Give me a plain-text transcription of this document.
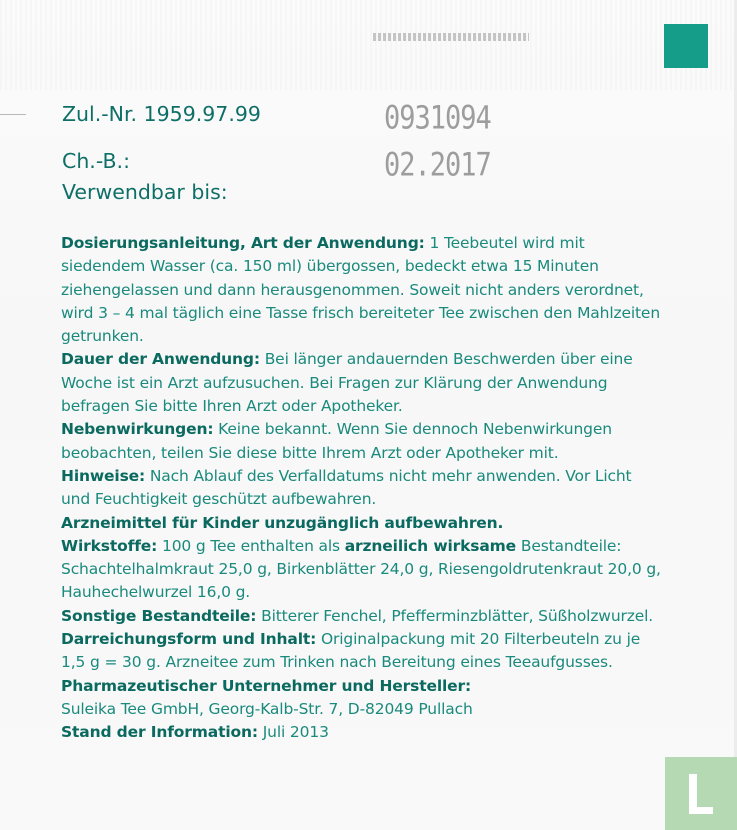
Zul.-Nr. 1959.97.99
Ch.-B.:
Verwendbar bis:
0931094
02.2017

Dosierungsanleitung, Art der Anwendung: 1 Teebeutel wird mit siedendem Wasser (ca. 150 ml) übergossen, bedeckt etwa 15 Minuten ziehengelassen und dann herausgenommen. Soweit nicht anders verordnet, wird 3 – 4 mal täglich eine Tasse frisch bereiteter Tee zwischen den Mahlzeiten getrunken.

Dauer der Anwendung: Bei länger andauernden Beschwerden über eine Woche ist ein Arzt aufzusuchen. Bei Fragen zur Klärung der Anwendung befragen Sie bitte Ihren Arzt oder Apotheker.

Nebenwirkungen: Keine bekannt. Wenn Sie dennoch Nebenwirkungen beobachten, teilen Sie diese bitte Ihrem Arzt oder Apotheker mit.

Hinweise: Nach Ablauf des Verfalldatums nicht mehr anwenden. Vor Licht und Feuchtigkeit geschützt aufbewahren.
Arzneimittel für Kinder unzugänglich aufbewahren.

Wirkstoffe: 100 g Tee enthalten als arzneilich wirksame Bestandteile: Schachtelhalmkraut 25,0 g, Birkenblätter 24,0 g, Riesengoldrutenkraut 20,0 g, Hauhechelwurzel 16,0 g.

Sonstige Bestandteile: Bitterer Fenchel, Pfefferminzblätter, Süßholzwurzel.

Darreichungsform und Inhalt: Originalpackung mit 20 Filterbeuteln zu je 1,5 g = 30 g. Arzneitee zum Trinken nach Bereitung eines Teeaufgusses.

Pharmazeutischer Unternehmer und Hersteller:
Suleika Tee GmbH, Georg-Kalb-Str. 7, D-82049 Pullach

Stand der Information: Juli 2013
